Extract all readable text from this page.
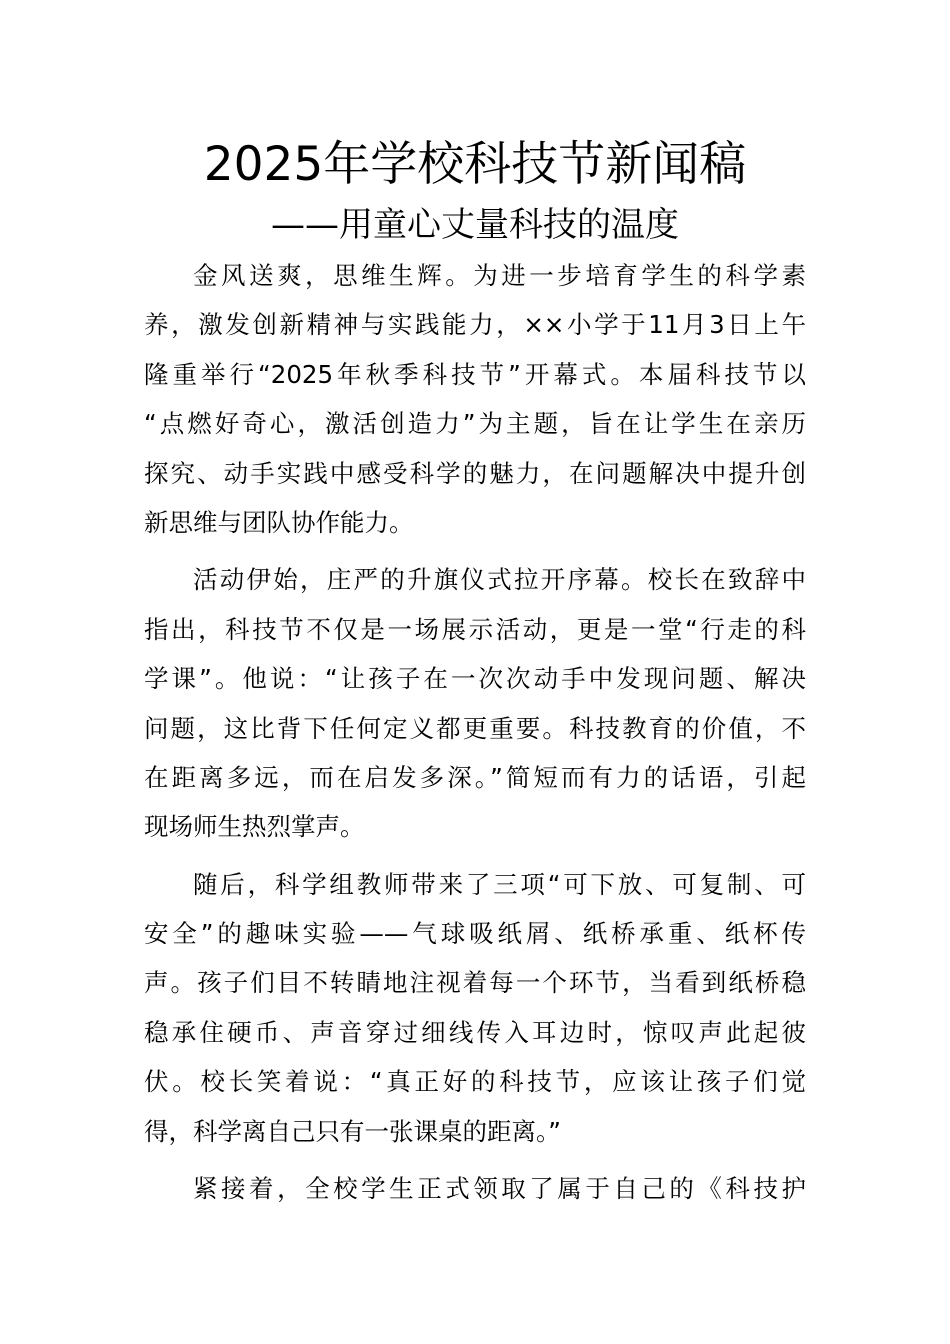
2025年学校科技节新闻稿
——用童心丈量科技的温度
金风送爽，思维生辉。为进一步培育学生的科学素
养，激发创新精神与实践能力，××小学于11月3日上午
隆重举行“2025年秋季科技节”开幕式。本届科技节以
“点燃好奇心，激活创造力”为主题，旨在让学生在亲历
探究、动手实践中感受科学的魅力，在问题解决中提升创
新思维与团队协作能力。
活动伊始，庄严的升旗仪式拉开序幕。校长在致辞中
指出，科技节不仅是一场展示活动，更是一堂“行走的科
学课”。他说：“让孩子在一次次动手中发现问题、解决
问题，这比背下任何定义都更重要。科技教育的价值，不
在距离多远，而在启发多深。”简短而有力的话语，引起
现场师生热烈掌声。
随后，科学组教师带来了三项“可下放、可复制、可
安全”的趣味实验——气球吸纸屑、纸桥承重、纸杯传
声。孩子们目不转睛地注视着每一个环节，当看到纸桥稳
稳承住硬币、声音穿过细线传入耳边时，惊叹声此起彼
伏。校长笑着说：“真正好的科技节，应该让孩子们觉
得，科学离自己只有一张课桌的距离。”
紧接着，全校学生正式领取了属于自己的《科技护
